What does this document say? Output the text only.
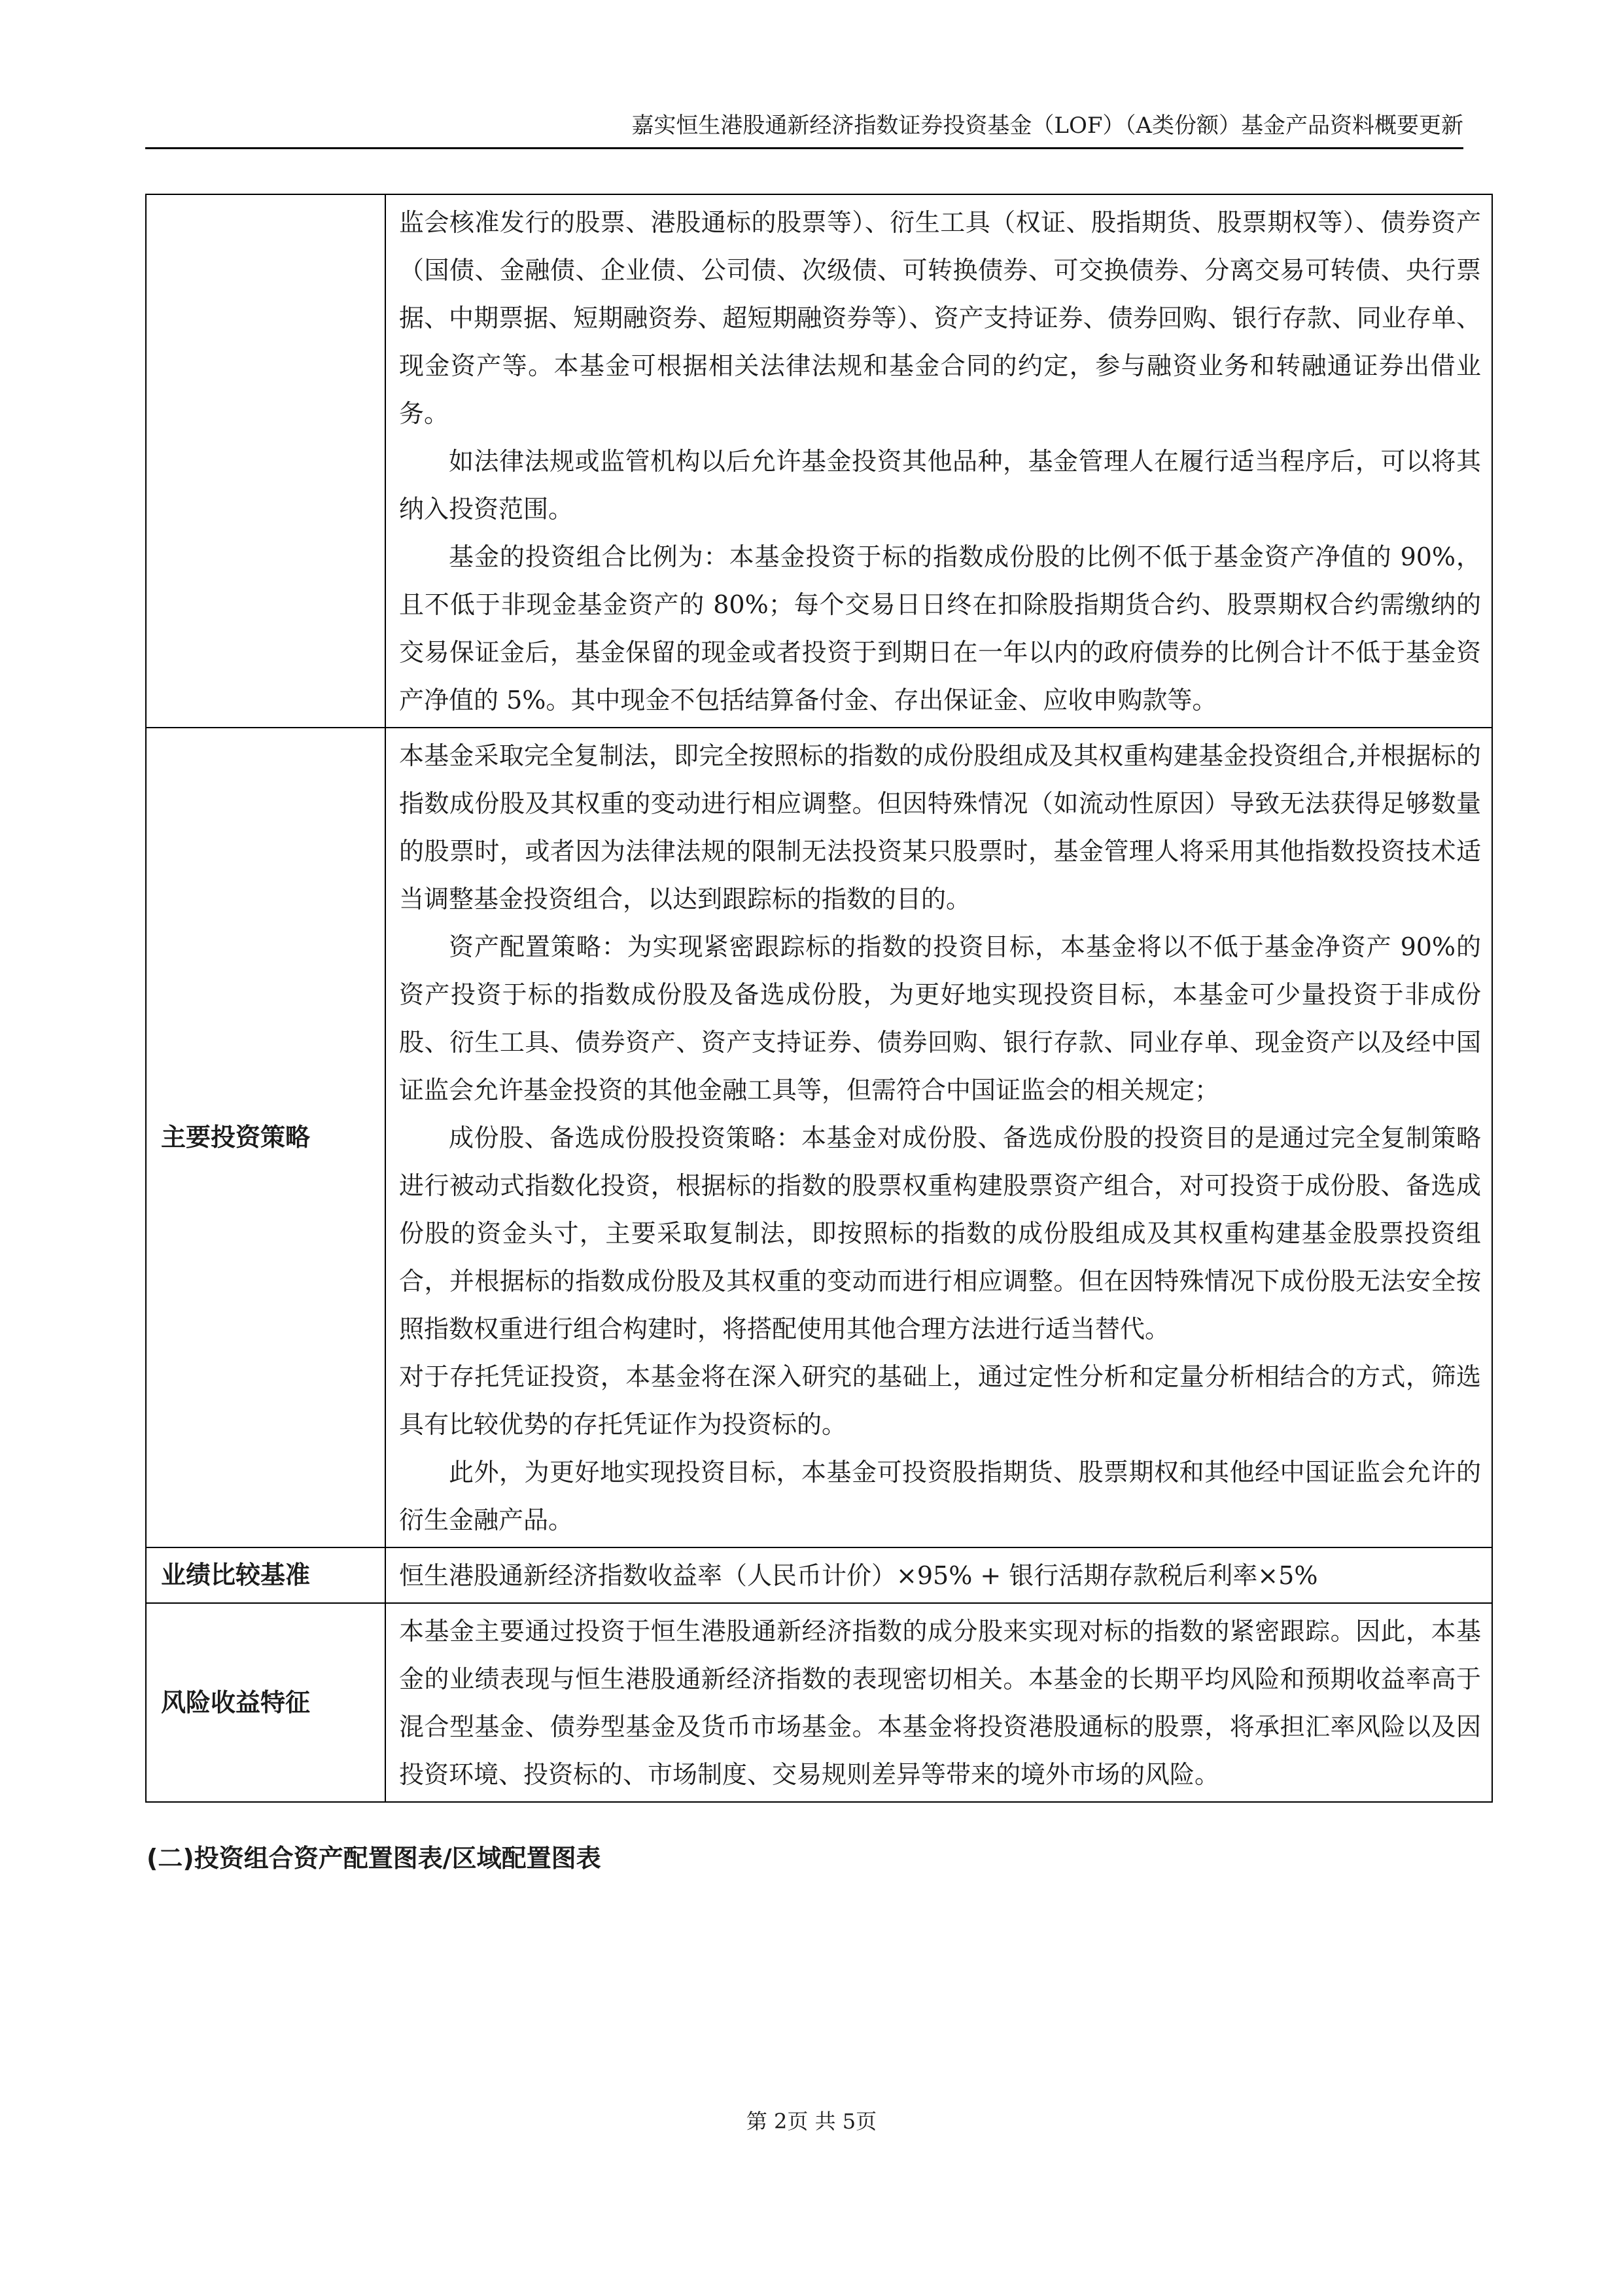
嘉实恒生港股通新经济指数证券投资基金（LOF）（A类份额）基金产品资料概要更新

	监会核准发行的股票、港股通标的股票等）、衍生工具（权证、股指期货、股票期权等）、债券资产（国债、金融债、企业债、公司债、次级债、可转换债券、可交换债券、分离交易可转债、央行票据、中期票据、短期融资券、超短期融资券等）、资产支持证券、债券回购、银行存款、同业存单、现金资产等。本基金可根据相关法律法规和基金合同的约定，参与融资业务和转融通证券出借业务。

如法律法规或监管机构以后允许基金投资其他品种，基金管理人在履行适当程序后，可以将其纳入投资范围。

基金的投资组合比例为：本基金投资于标的指数成份股的比例不低于基金资产净值的 90%，且不低于非现金基金资产的 80%；每个交易日日终在扣除股指期货合约、股票期权合约需缴纳的交易保证金后，基金保留的现金或者投资于到期日在一年以内的政府债券的比例合计不低于基金资产净值的 5%。其中现金不包括结算备付金、存出保证金、应收申购款等。

主要投资策略	本基金采取完全复制法，即完全按照标的指数的成份股组成及其权重构建基金投资组合,并根据标的指数成份股及其权重的变动进行相应调整。但因特殊情况（如流动性原因）导致无法获得足够数量的股票时，或者因为法律法规的限制无法投资某只股票时，基金管理人将采用其他指数投资技术适当调整基金投资组合，以达到跟踪标的指数的目的。

资产配置策略：为实现紧密跟踪标的指数的投资目标，本基金将以不低于基金净资产 90%的资产投资于标的指数成份股及备选成份股，为更好地实现投资目标，本基金可少量投资于非成份股、衍生工具、债券资产、资产支持证券、债券回购、银行存款、同业存单、现金资产以及经中国证监会允许基金投资的其他金融工具等，但需符合中国证监会的相关规定；

成份股、备选成份股投资策略：本基金对成份股、备选成份股的投资目的是通过完全复制策略进行被动式指数化投资，根据标的指数的股票权重构建股票资产组合，对可投资于成份股、备选成份股的资金头寸，主要采取复制法，即按照标的指数的成份股组成及其权重构建基金股票投资组合，并根据标的指数成份股及其权重的变动而进行相应调整。但在因特殊情况下成份股无法安全按照指数权重进行组合构建时，将搭配使用其他合理方法进行适当替代。

对于存托凭证投资，本基金将在深入研究的基础上，通过定性分析和定量分析相结合的方式，筛选具有比较优势的存托凭证作为投资标的。

此外，为更好地实现投资目标，本基金可投资股指期货、股票期权和其他经中国证监会允许的衍生金融产品。

业绩比较基准	恒生港股通新经济指数收益率（人民币计价）×95% + 银行活期存款税后利率×5%

风险收益特征	本基金主要通过投资于恒生港股通新经济指数的成分股来实现对标的指数的紧密跟踪。因此，本基金的业绩表现与恒生港股通新经济指数的表现密切相关。本基金的长期平均风险和预期收益率高于混合型基金、债券型基金及货币市场基金。本基金将投资港股通标的股票，将承担汇率风险以及因投资环境、投资标的、市场制度、交易规则差异等带来的境外市场的风险。

(二)投资组合资产配置图表/区域配置图表
第 2页 共 5页
